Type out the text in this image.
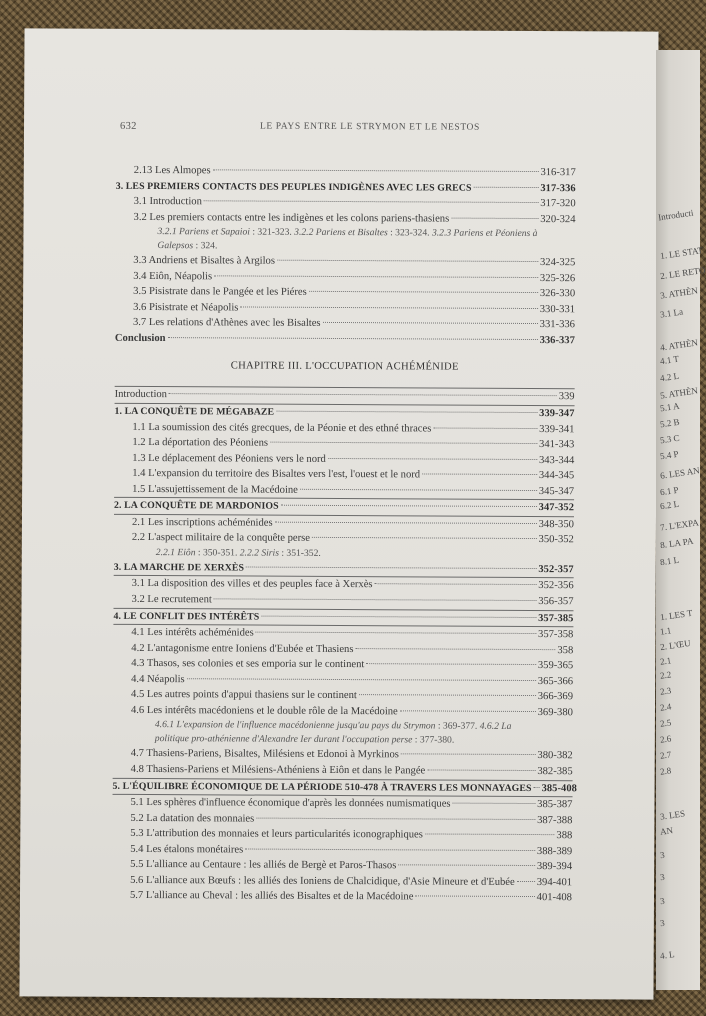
632	LE PAYS ENTRE LE STRYMON ET LE NESTOS
2.13 Les Almopes	316-317
3. LES PREMIERS CONTACTS DES PEUPLES INDIGÈNES AVEC LES GRECS	317-336
3.1 Introduction	317-320
3.2 Les premiers contacts entre les indigènes et les colons pariens-thasiens	320-324
3.2.1 Pariens et Sapaioi : 321-323. 3.2.2 Pariens et Bisaltes : 323-324. 3.2.3 Pariens et Péoniens à Galepsos : 324.
3.3 Andriens et Bisaltes à Argilos	324-325
3.4 Eiôn, Néapolis	325-326
3.5 Pisistrate dans le Pangée et les Piéres	326-330
3.6 Pisistrate et Néapolis	330-331
3.7 Les relations d'Athènes avec les Bisaltes	331-336
Conclusion	336-337
CHAPITRE III. L'OCCUPATION ACHÉMÉNIDE
Introduction	339
1. LA CONQUÊTE DE MÉGABAZE	339-347
1.1 La soumission des cités grecques, de la Péonie et des ethné thraces	339-341
1.2 La déportation des Péoniens	341-343
1.3 Le déplacement des Péoniens vers le nord	343-344
1.4 L'expansion du territoire des Bisaltes vers l'est, l'ouest et le nord	344-345
1.5 L'assujettissement de la Macédoine	345-347
2. LA CONQUÊTE DE MARDONIOS	347-352
2.1 Les inscriptions achéménides	348-350
2.2 L'aspect militaire de la conquête perse	350-352
2.2.1 Eiôn : 350-351. 2.2.2 Siris : 351-352.
3. LA MARCHE DE XERXÈS	352-357
3.1 La disposition des villes et des peuples face à Xerxès	352-356
3.2 Le recrutement	356-357
4. LE CONFLIT DES INTÉRÊTS	357-385
4.1 Les intérêts achéménides	357-358
4.2 L'antagonisme entre Ioniens d'Eubée et Thasiens	358
4.3 Thasos, ses colonies et ses emporia sur le continent	359-365
4.4 Néapolis	365-366
4.5 Les autres points d'appui thasiens sur le continent	366-369
4.6 Les intérêts macédoniens et le double rôle de la Macédoine	369-380
4.6.1 L'expansion de l'influence macédonienne jusqu'au pays du Strymon : 369-377. 4.6.2 La politique pro-athénienne d'Alexandre Ier durant l'occupation perse : 377-380.
4.7 Thasiens-Pariens, Bisaltes, Milésiens et Edonoi à Myrkinos	380-382
4.8 Thasiens-Pariens et Milésiens-Athéniens à Eiôn et dans le Pangée	382-385
5. L'ÉQUILIBRE ÉCONOMIQUE DE LA PÉRIODE 510-478 À TRAVERS LES MONNAYAGES 385-408
5.1 Les sphères d'influence économique d'après les données numismatiques	385-387
5.2 La datation des monnaies	387-388
5.3 L'attribution des monnaies et leurs particularités iconographiques	388
5.4 Les étalons monétaires	388-389
5.5 L'alliance au Centaure : les alliés de Bergè et Paros-Thasos	389-394
5.6 L'alliance aux Bœufs : les alliés des Ioniens de Chalcidique, d'Asie Mineure et d'Eubée 394-401
5.7 L'alliance au Cheval : les alliés des Bisaltes et de la Macédoine	401-408
Introducti
1. LE STAT
2. LE RETO
3. ATHÈN
3.1 La
4. ATHÈN
4.1 T
4.2 L
5. ATHÈN
5.1 A
5.2 B
5.3 C
5.4 P
6. LES AN
6.1 P
6.2 L
7. L'EXPA
8. LA PA
8.1 L
1. LES T
1.1
2. L'ŒU
2.1
2.2
2.3
2.4
2.5
2.6
2.7
2.8
3. LES
AN
3
3
3
3
4. L
